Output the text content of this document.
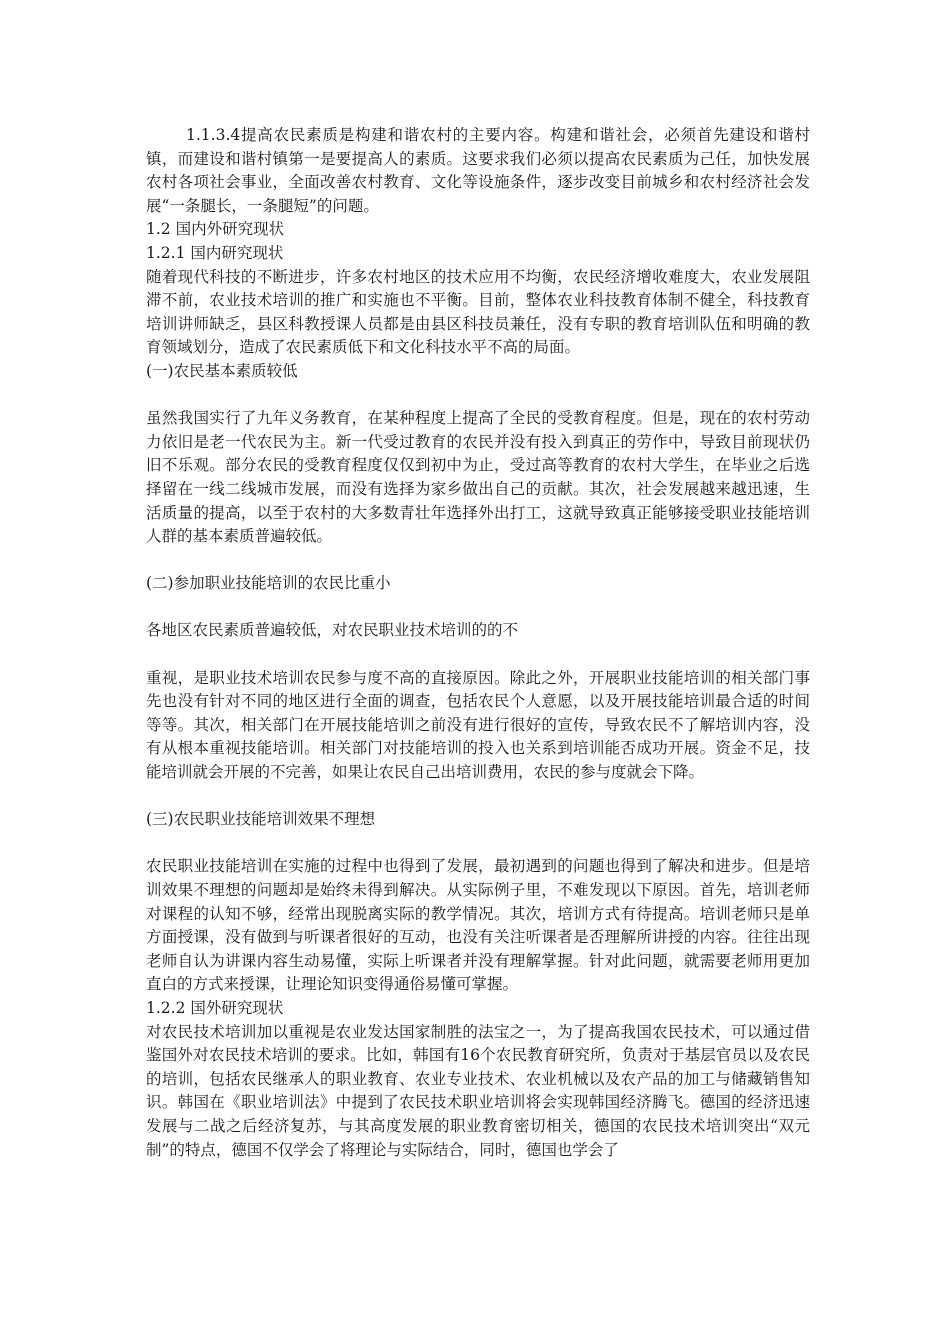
1.1.3.4提高农民素质是构建和谐农村的主要内容。构建和谐社会，必须首先建设和谐村镇，而建设和谐村镇第一是要提高人的素质。这要求我们必须以提高农民素质为己任，加快发展农村各项社会事业，全面改善农村教育、文化等设施条件，逐步改变目前城乡和农村经济社会发展“一条腿长，一条腿短”的问题。

1.2 国内外研究现状

1.2.1 国内研究现状

随着现代科技的不断进步，许多农村地区的技术应用不均衡，农民经济增收难度大，农业发展阻滞不前，农业技术培训的推广和实施也不平衡。目前，整体农业科技教育体制不健全，科技教育培训讲师缺乏，县区科教授课人员都是由县区科技员兼任，没有专职的教育培训队伍和明确的教育领域划分，造成了农民素质低下和文化科技水平不高的局面。

(一)农民基本素质较低

虽然我国实行了九年义务教育，在某种程度上提高了全民的受教育程度。但是，现在的农村劳动力依旧是老一代农民为主。新一代受过教育的农民并没有投入到真正的劳作中，导致目前现状仍旧不乐观。部分农民的受教育程度仅仅到初中为止，受过高等教育的农村大学生，在毕业之后选择留在一线二线城市发展，而没有选择为家乡做出自己的贡献。其次，社会发展越来越迅速，生活质量的提高，以至于农村的大多数青壮年选择外出打工，这就导致真正能够接受职业技能培训人群的基本素质普遍较低。

(二)参加职业技能培训的农民比重小

各地区农民素质普遍较低，对农民职业技术培训的的不

重视，是职业技术培训农民参与度不高的直接原因。除此之外，开展职业技能培训的相关部门事先也没有针对不同的地区进行全面的调查，包括农民个人意愿，以及开展技能培训最合适的时间等等。其次，相关部门在开展技能培训之前没有进行很好的宣传，导致农民不了解培训内容，没有从根本重视技能培训。相关部门对技能培训的投入也关系到培训能否成功开展。资金不足，技能培训就会开展的不完善，如果让农民自己出培训费用，农民的参与度就会下降。

(三)农民职业技能培训效果不理想

农民职业技能培训在实施的过程中也得到了发展，最初遇到的问题也得到了解决和进步。但是培训效果不理想的问题却是始终未得到解决。从实际例子里，不难发现以下原因。首先，培训老师对课程的认知不够，经常出现脱离实际的教学情况。其次，培训方式有待提高。培训老师只是单方面授课，没有做到与听课者很好的互动，也没有关注听课者是否理解所讲授的内容。往往出现老师自认为讲课内容生动易懂，实际上听课者并没有理解掌握。针对此问题，就需要老师用更加直白的方式来授课，让理论知识变得通俗易懂可掌握。

1.2.2 国外研究现状

对农民技术培训加以重视是农业发达国家制胜的法宝之一，为了提高我国农民技术，可以通过借鉴国外对农民技术培训的要求。比如，韩国有16个农民教育研究所，负责对于基层官员以及农民的培训，包括农民继承人的职业教育、农业专业技术、农业机械以及农产品的加工与储藏销售知识。韩国在《职业培训法》中提到了农民技术职业培训将会实现韩国经济腾飞。德国的经济迅速发展与二战之后经济复苏，与其高度发展的职业教育密切相关，德国的农民技术培训突出“双元制”的特点，德国不仅学会了将理论与实际结合，同时，德国也学会了
